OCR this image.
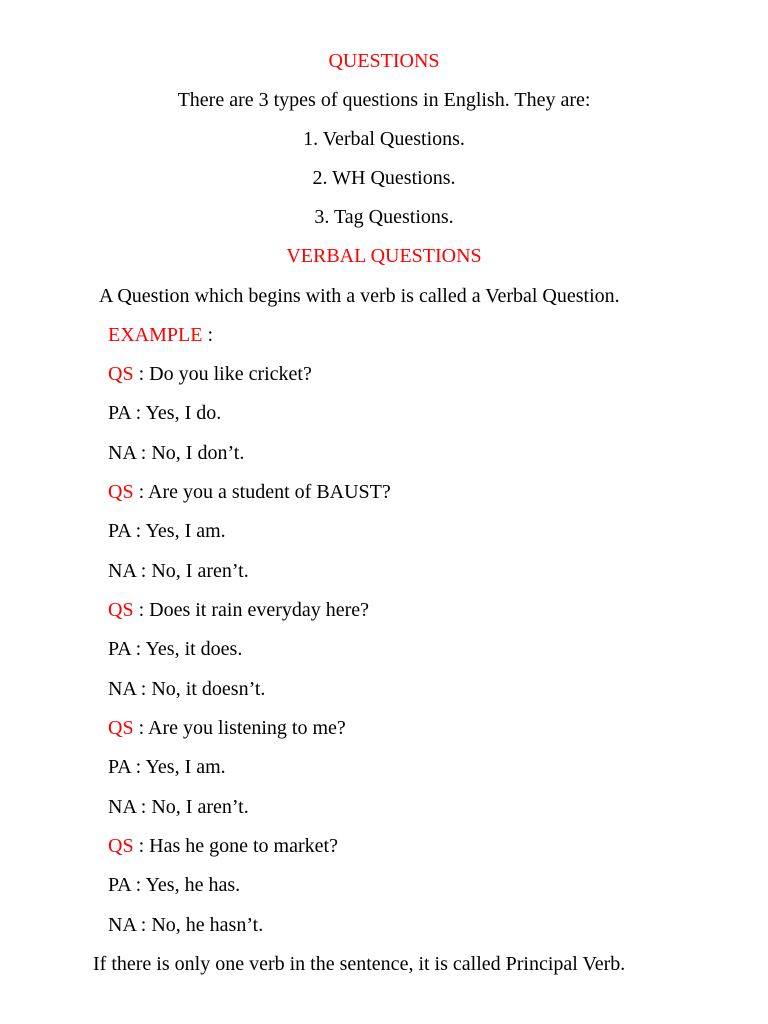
QUESTIONS
There are 3 types of questions in English. They are:
1. Verbal Questions.
2. WH Questions.
3. Tag Questions.
VERBAL QUESTIONS
A Question which begins with a verb is called a Verbal Question.
EXAMPLE :
QS : Do you like cricket?
PA : Yes, I do.
NA : No, I don’t.
QS : Are you a student of BAUST?
PA : Yes, I am.
NA : No, I aren’t.
QS : Does it rain everyday here?
PA : Yes, it does.
NA : No, it doesn’t.
QS : Are you listening to me?
PA : Yes, I am.
NA : No, I aren’t.
QS : Has he gone to market?
PA : Yes, he has.
NA : No, he hasn’t.
If there is only one verb in the sentence, it is called Principal Verb.
